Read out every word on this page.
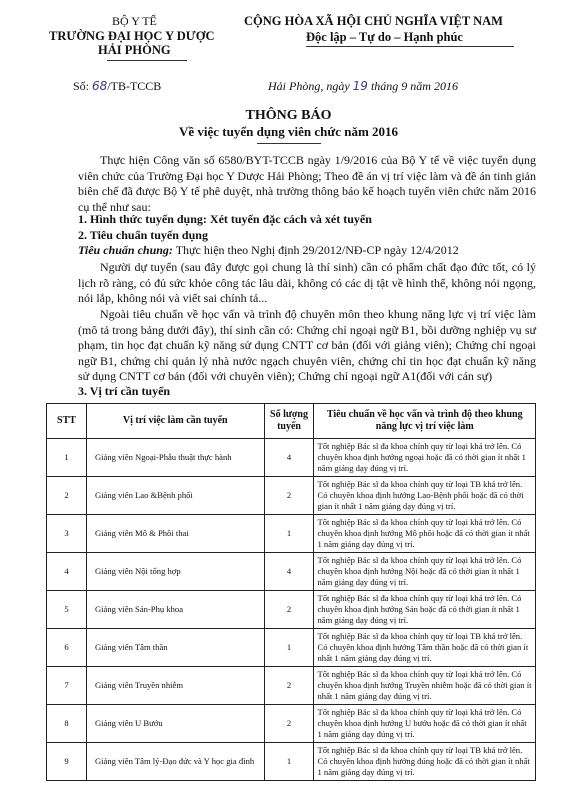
BỘ Y TẾ
TRƯỜNG ĐẠI HỌC Y DƯỢC
HẢI PHÒNG
CỘNG HÒA XÃ HỘI CHỦ NGHĨA VIỆT NAM
Độc lập – Tự do – Hạnh phúc
Số: 68/TB-TCCB	Hải Phòng, ngày 19 tháng 9 năm 2016
THÔNG BÁO
Về việc tuyển dụng viên chức năm 2016
Thực hiện Công văn số 6580/BYT-TCCB ngày 1/9/2016 của Bộ Y tế về việc tuyển dụng viên chức của Trường Đại học Y Dược Hải Phòng; Theo đề án vị trí việc làm và đề án tinh giản biên chế đã được Bộ Y tế phê duyệt, nhà trường thông báo kế hoạch tuyển viên chức năm 2016 cụ thể như sau:
1. Hình thức tuyển dụng: Xét tuyển đặc cách và xét tuyển
2. Tiêu chuẩn tuyển dụng
Tiêu chuẩn chung: Thực hiện theo Nghị định 29/2012/NĐ-CP ngày 12/4/2012
Người dự tuyển (sau đây được gọi chung là thí sinh) cần có phẩm chất đạo đức tốt, có lý lịch rõ ràng, có đủ sức khỏe công tác lâu dài, không có các dị tật về hình thể, không nói ngọng, nói lắp, không nói và viết sai chính tả...
Ngoài tiêu chuẩn về học vấn và trình độ chuyên môn theo khung năng lực vị trí việc làm (mô tả trong bảng dưới đây), thí sinh cần có: Chứng chỉ ngoại ngữ B1, bồi dưỡng nghiệp vụ sư phạm, tin học đạt chuẩn kỹ năng sử dụng CNTT cơ bản (đối với giảng viên); Chứng chỉ ngoại ngữ B1, chứng chỉ quản lý nhà nước ngạch chuyên viên, chứng chỉ tin học đạt chuẩn kỹ năng sử dụng CNTT cơ bản (đối với chuyên viên); Chứng chỉ ngoại ngữ A1(đối với cán sự)
3. Vị trí cần tuyển
STT	Vị trí việc làm cần tuyển	Số lượng tuyển	Tiêu chuẩn về học vấn và trình độ theo khung năng lực vị trí việc làm
1	Giảng viên Ngoại-Phẫu thuật thực hành	4	Tốt nghiệp Bác sĩ đa khoa chính quy từ loại khá trở lên. Có chuyên khoa định hướng ngoại hoặc đã có thời gian ít nhất 1 năm giảng dạy đúng vị trí.
2	Giảng viên Lao &Bệnh phổi	2	Tốt nghiệp Bác sĩ đa khoa chính quy từ loại TB khá trở lên. Có chuyên khoa định hướng Lao-Bệnh phổi hoặc đã có thời gian ít nhất 1 năm giảng dạy đúng vị trí.
3	Giảng viên Mô & Phôi thai	1	Tốt nghiệp Bác sĩ đa khoa chính quy từ loại khá trở lên. Có chuyên khoa định hướng Mô phôi hoặc đã có thời gian ít nhất 1 năm giảng dạy đúng vị trí.
4	Giảng viên Nội tổng hợp	4	Tốt nghiệp Bác sĩ đa khoa chính quy từ loại khá trở lên. Có chuyên khoa định hướng Nội hoặc đã có thời gian ít nhất 1 năm giảng dạy đúng vị trí.
5	Giảng viên Sản-Phụ khoa	2	Tốt nghiệp Bác sĩ đa khoa chính quy từ loại khá trở lên. Có chuyên khoa định hướng Sản hoặc đã có thời gian ít nhất 1 năm giảng dạy đúng vị trí.
6	Giảng viên Tâm thần	1	Tốt nghiệp Bác sĩ đa khoa chính quy từ loại TB khá trở lên. Có chuyên khoa định hướng Tâm thần hoặc đã có thời gian ít nhất 1 năm giảng dạy đúng vị trí.
7	Giảng viên Truyền nhiễm	2	Tốt nghiệp Bác sĩ đa khoa chính quy từ loại khá trở lên. Có chuyên khoa định hướng Truyền nhiễm hoặc đã có thời gian ít nhất 1 năm giảng dạy đúng vị trí.
8	Giảng viên U Bướu	2	Tốt nghiệp Bác sĩ đa khoa chính quy từ loại khá trở lên. Có chuyên khoa định hướng U bướu hoặc đã có thời gian ít nhất 1 năm giảng dạy đúng vị trí.
9	Giảng viên Tâm lý-Đạo đức và Y học gia đình	1	Tốt nghiệp Bác sĩ đa khoa chính quy từ loại TB khá trở lên. Có chuyên khoa định hướng đúng hoặc đã có thời gian ít nhất 1 năm giảng dạy đúng vị trí.
